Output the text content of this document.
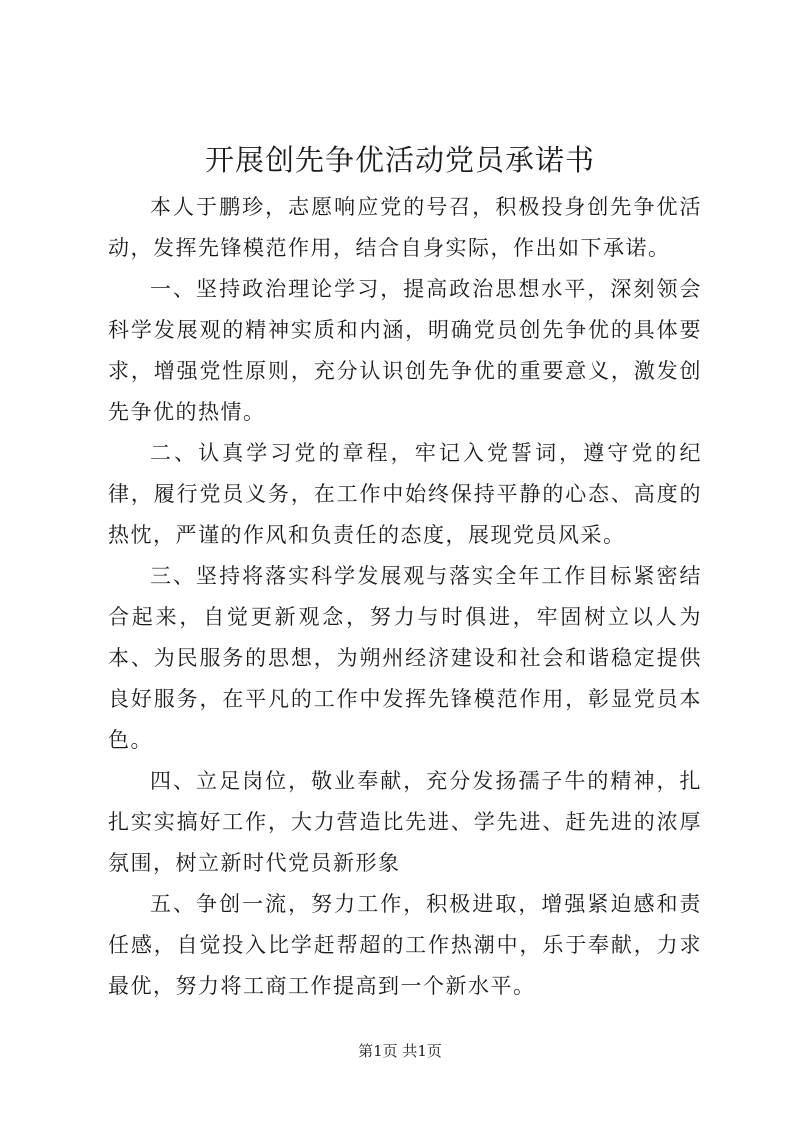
开展创先争优活动党员承诺书

本人于鹏珍，志愿响应党的号召，积极投身创先争优活动，发挥先锋模范作用，结合自身实际，作出如下承诺。

一、坚持政治理论学习，提高政治思想水平，深刻领会科学发展观的精神实质和内涵，明确党员创先争优的具体要求，增强党性原则，充分认识创先争优的重要意义，激发创先争优的热情。

二、认真学习党的章程，牢记入党誓词，遵守党的纪律，履行党员义务，在工作中始终保持平静的心态、高度的热忱，严谨的作风和负责任的态度，展现党员风采。

三、坚持将落实科学发展观与落实全年工作目标紧密结合起来，自觉更新观念，努力与时俱进，牢固树立以人为本、为民服务的思想，为朔州经济建设和社会和谐稳定提供良好服务，在平凡的工作中发挥先锋模范作用，彰显党员本色。

四、立足岗位，敬业奉献，充分发扬孺子牛的精神，扎扎实实搞好工作，大力营造比先进、学先进、赶先进的浓厚氛围，树立新时代党员新形象

五、争创一流，努力工作，积极进取，增强紧迫感和责任感，自觉投入比学赶帮超的工作热潮中，乐于奉献，力求最优，努力将工商工作提高到一个新水平。

第1页 共1页
